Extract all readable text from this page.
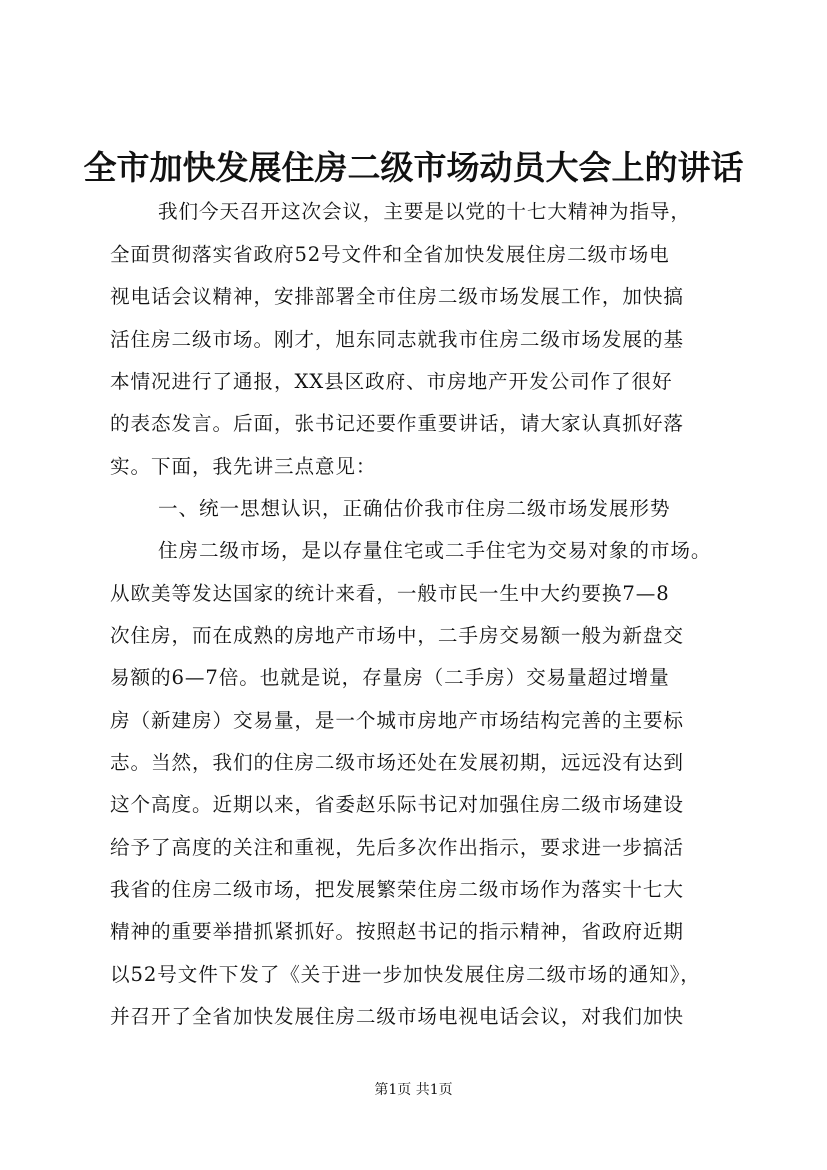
全市加快发展住房二级市场动员大会上的讲话
我们今天召开这次会议，主要是以党的十七大精神为指导，
全面贯彻落实省政府52号文件和全省加快发展住房二级市场电
视电话会议精神，安排部署全市住房二级市场发展工作，加快搞
活住房二级市场。刚才，旭东同志就我市住房二级市场发展的基
本情况进行了通报，XX县区政府、市房地产开发公司作了很好
的表态发言。后面，张书记还要作重要讲话，请大家认真抓好落
实。下面，我先讲三点意见：
一、统一思想认识，正确估价我市住房二级市场发展形势
住房二级市场，是以存量住宅或二手住宅为交易对象的市场。
从欧美等发达国家的统计来看，一般市民一生中大约要换7—8
次住房，而在成熟的房地产市场中，二手房交易额一般为新盘交
易额的6—7倍。也就是说，存量房（二手房）交易量超过增量
房（新建房）交易量，是一个城市房地产市场结构完善的主要标
志。当然，我们的住房二级市场还处在发展初期，远远没有达到
这个高度。近期以来，省委赵乐际书记对加强住房二级市场建设
给予了高度的关注和重视，先后多次作出指示，要求进一步搞活
我省的住房二级市场，把发展繁荣住房二级市场作为落实十七大
精神的重要举措抓紧抓好。按照赵书记的指示精神，省政府近期
以52号文件下发了《关于进一步加快发展住房二级市场的通知》，
并召开了全省加快发展住房二级市场电视电话会议，对我们加快
第1页 共1页
